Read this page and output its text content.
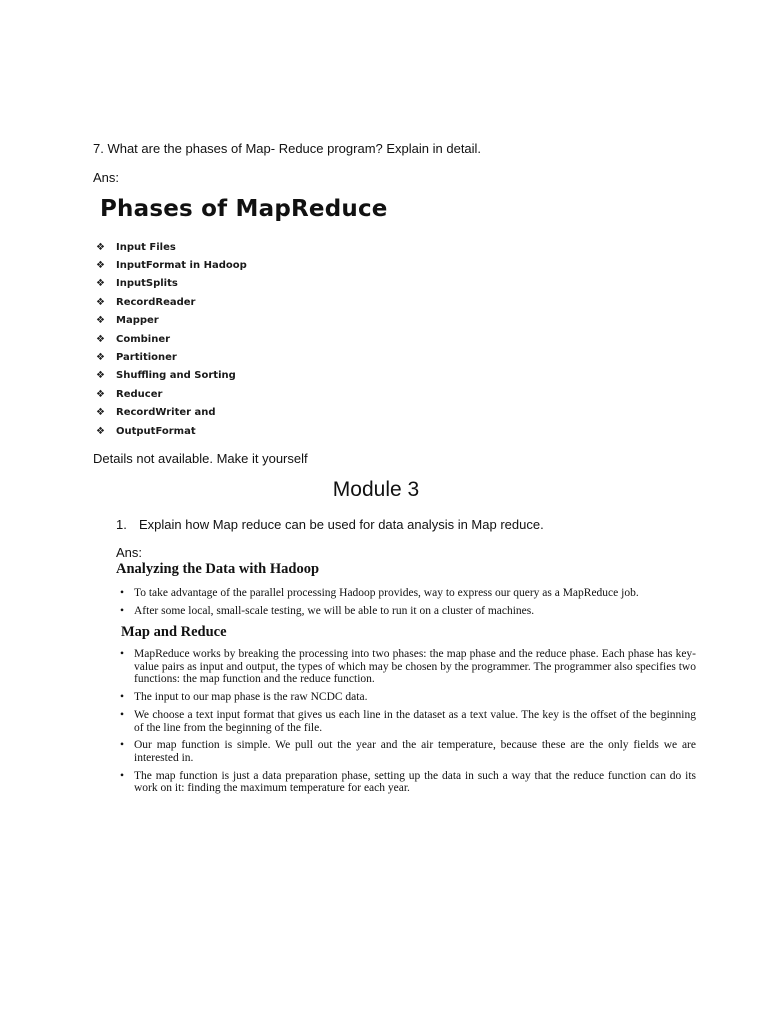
7. What are the phases of Map- Reduce program? Explain in detail.
Ans:
Phases of MapReduce
❖	Input Files
❖	InputFormat in Hadoop
❖	InputSplits
❖	RecordReader
❖	Mapper
❖	Combiner
❖	Partitioner
❖	Shuffling and Sorting
❖	Reducer
❖	RecordWriter and
❖	OutputFormat
Details not available. Make it yourself
Module 3
1. Explain how Map reduce can be used for data analysis in Map reduce.
Ans:
Analyzing the Data with Hadoop
• To take advantage of the parallel processing Hadoop provides, way to express our query as a MapReduce job.
• After some local, small-scale testing, we will be able to run it on a cluster of machines.
Map and Reduce
• MapReduce works by breaking the processing into two phases: the map phase and the reduce phase. Each phase has key-value pairs as input and output, the types of which may be chosen by the programmer. The programmer also specifies two functions: the map function and the reduce function.
• The input to our map phase is the raw NCDC data.
• We choose a text input format that gives us each line in the dataset as a text value. The key is the offset of the beginning of the line from the beginning of the file.
• Our map function is simple. We pull out the year and the air temperature, because these are the only fields we are interested in.
• The map function is just a data preparation phase, setting up the data in such a way that the reduce function can do its work on it: finding the maximum temperature for each year.
